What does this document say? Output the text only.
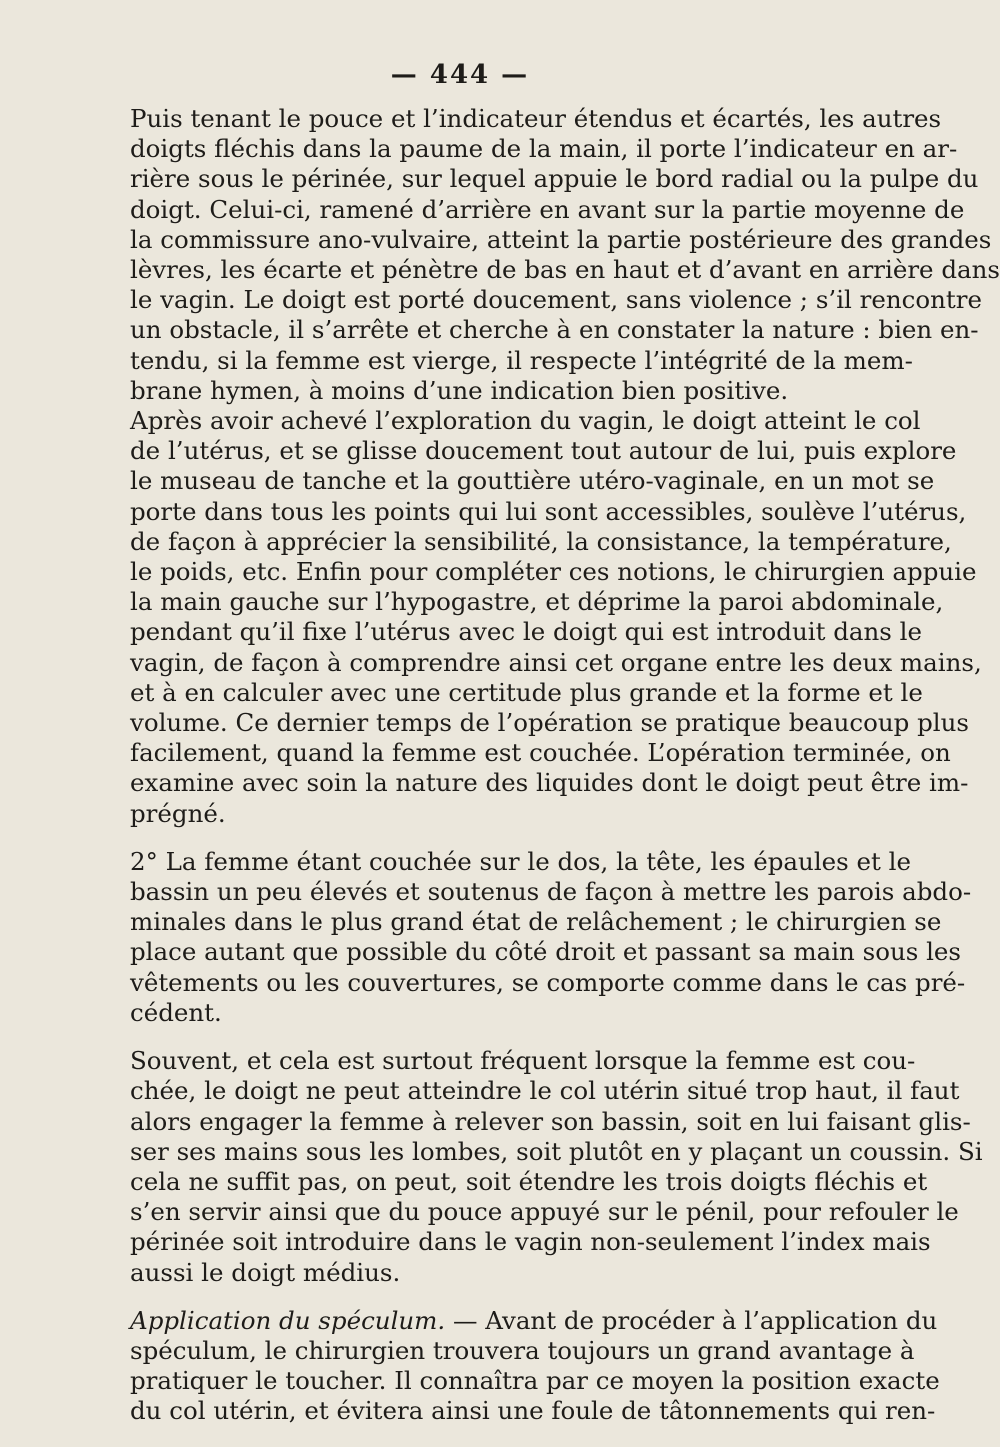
— 444 —
Puis tenant le pouce et l’indicateur étendus et écartés, les autres
doigts fléchis dans la paume de la main, il porte l’indicateur en ar-
rière sous le périnée, sur lequel appuie le bord radial ou la pulpe du
doigt. Celui-ci, ramené d’arrière en avant sur la partie moyenne de
la commissure ano-vulvaire, atteint la partie postérieure des grandes
lèvres, les écarte et pénètre de bas en haut et d’avant en arrière dans
le vagin. Le doigt est porté doucement, sans violence ; s’il rencontre
un obstacle, il s’arrête et cherche à en constater la nature : bien en-
tendu, si la femme est vierge, il respecte l’intégrité de la mem-
brane hymen, à moins d’une indication bien positive.
Après avoir achevé l’exploration du vagin, le doigt atteint le col
de l’utérus, et se glisse doucement tout autour de lui, puis explore
le museau de tanche et la gouttière utéro-vaginale, en un mot se
porte dans tous les points qui lui sont accessibles, soulève l’utérus,
de façon à apprécier la sensibilité, la consistance, la température,
le poids, etc. Enfin pour compléter ces notions, le chirurgien appuie
la main gauche sur l’hypogastre, et déprime la paroi abdominale,
pendant qu’il fixe l’utérus avec le doigt qui est introduit dans le
vagin, de façon à comprendre ainsi cet organe entre les deux mains,
et à en calculer avec une certitude plus grande et la forme et le
volume. Ce dernier temps de l’opération se pratique beaucoup plus
facilement, quand la femme est couchée. L’opération terminée, on
examine avec soin la nature des liquides dont le doigt peut être im-
prégné.
2° La femme étant couchée sur le dos, la tête, les épaules et le
bassin un peu élevés et soutenus de façon à mettre les parois abdo-
minales dans le plus grand état de relâchement ; le chirurgien se
place autant que possible du côté droit et passant sa main sous les
vêtements ou les couvertures, se comporte comme dans le cas pré-
cédent.
Souvent, et cela est surtout fréquent lorsque la femme est cou-
chée, le doigt ne peut atteindre le col utérin situé trop haut, il faut
alors engager la femme à relever son bassin, soit en lui faisant glis-
ser ses mains sous les lombes, soit plutôt en y plaçant un coussin. Si
cela ne suffit pas, on peut, soit étendre les trois doigts fléchis et
s’en servir ainsi que du pouce appuyé sur le pénil, pour refouler le
périnée soit introduire dans le vagin non-seulement l’index mais
aussi le doigt médius.
Application du spéculum. — Avant de procéder à l’application du
spéculum, le chirurgien trouvera toujours un grand avantage à
pratiquer le toucher. Il connaîtra par ce moyen la position exacte
du col utérin, et évitera ainsi une foule de tâtonnements qui ren-
